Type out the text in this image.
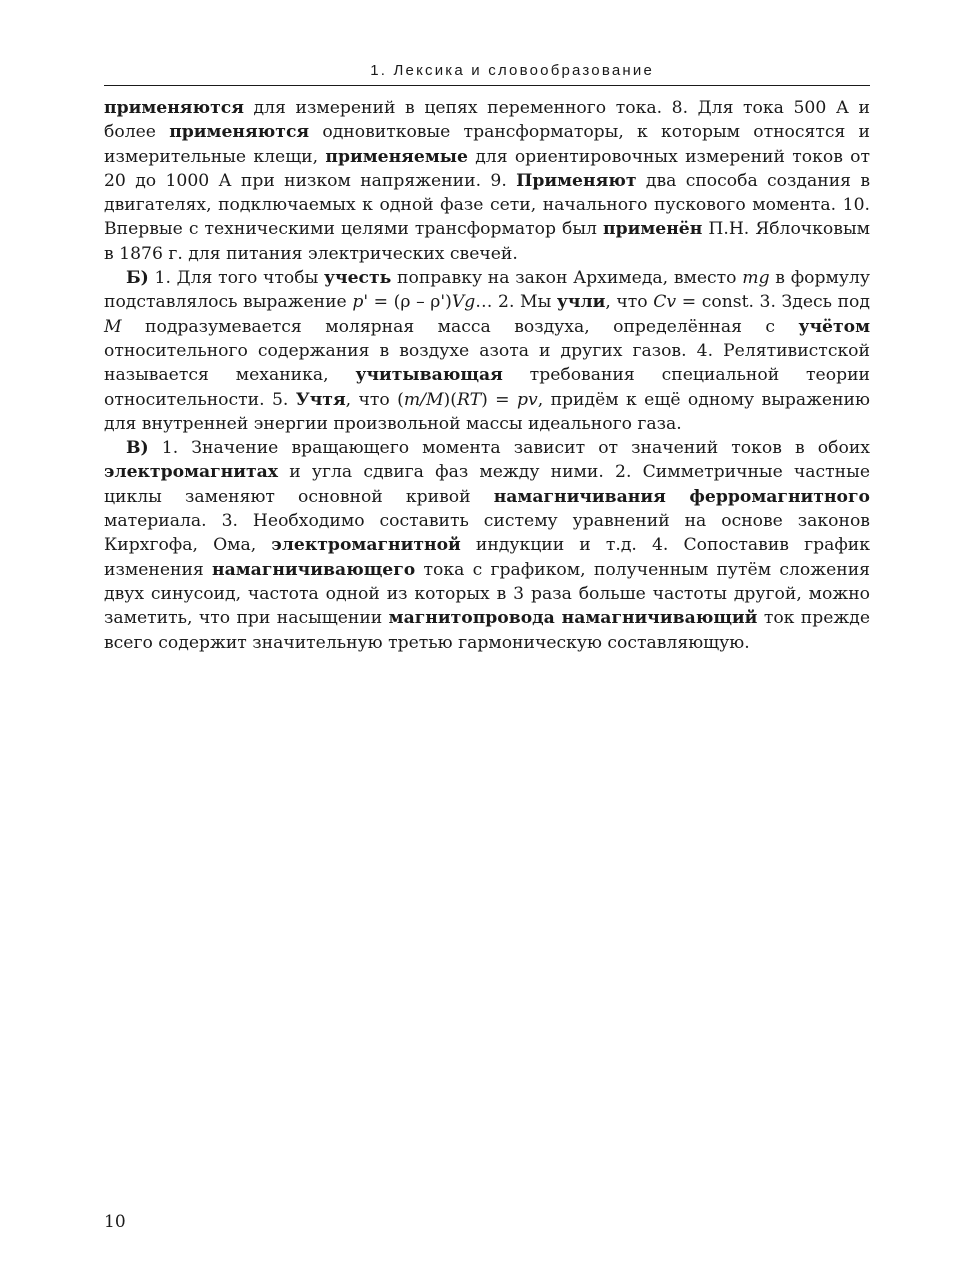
1. Лексика и словообразование

применяются для измерений в цепях переменного тока. 8. Для тока 500 А и более применяются одновитковые трансформаторы, к которым относятся и измерительные клещи, применяемые для ориентировочных измерений токов от 20 до 1000 А при низком напряжении. 9. Применяют два способа создания в двигателях, подключаемых к одной фазе сети, начального пускового момента. 10. Впервые с техническими целями трансформатор был применён П.Н. Яблочковым в 1876 г. для питания электрических свечей.

Б) 1. Для того чтобы учесть поправку на закон Архимеда, вместо mg в формулу подставлялось выражение p' = (ρ – ρ')Vg… 2. Мы учли, что Cv = const. 3. Здесь под M подразумевается молярная масса воздуха, определённая с учётом относительного содержания в воздухе азота и других газов. 4. Релятивистской называется механика, учитывающая требования специальной теории относительности. 5. Учтя, что (m/M)(RT) = pv, придём к ещё одному выражению для внутренней энергии произвольной массы идеального газа.

В) 1. Значение вращающего момента зависит от значений токов в обоих электромагнитах и угла сдвига фаз между ними. 2. Симметричные частные циклы заменяют основной кривой намагничивания ферромагнитного материала. 3. Необходимо составить систему уравнений на основе законов Кирхгофа, Ома, электромагнитной индукции и т.д. 4. Сопоставив график изменения намагничивающего тока с графиком, полученным путём сложения двух синусоид, частота одной из которых в 3 раза больше частоты другой, можно заметить, что при насыщении магнитопровода намагничивающий ток прежде всего содержит значительную третью гармоническую составляющую.

10
